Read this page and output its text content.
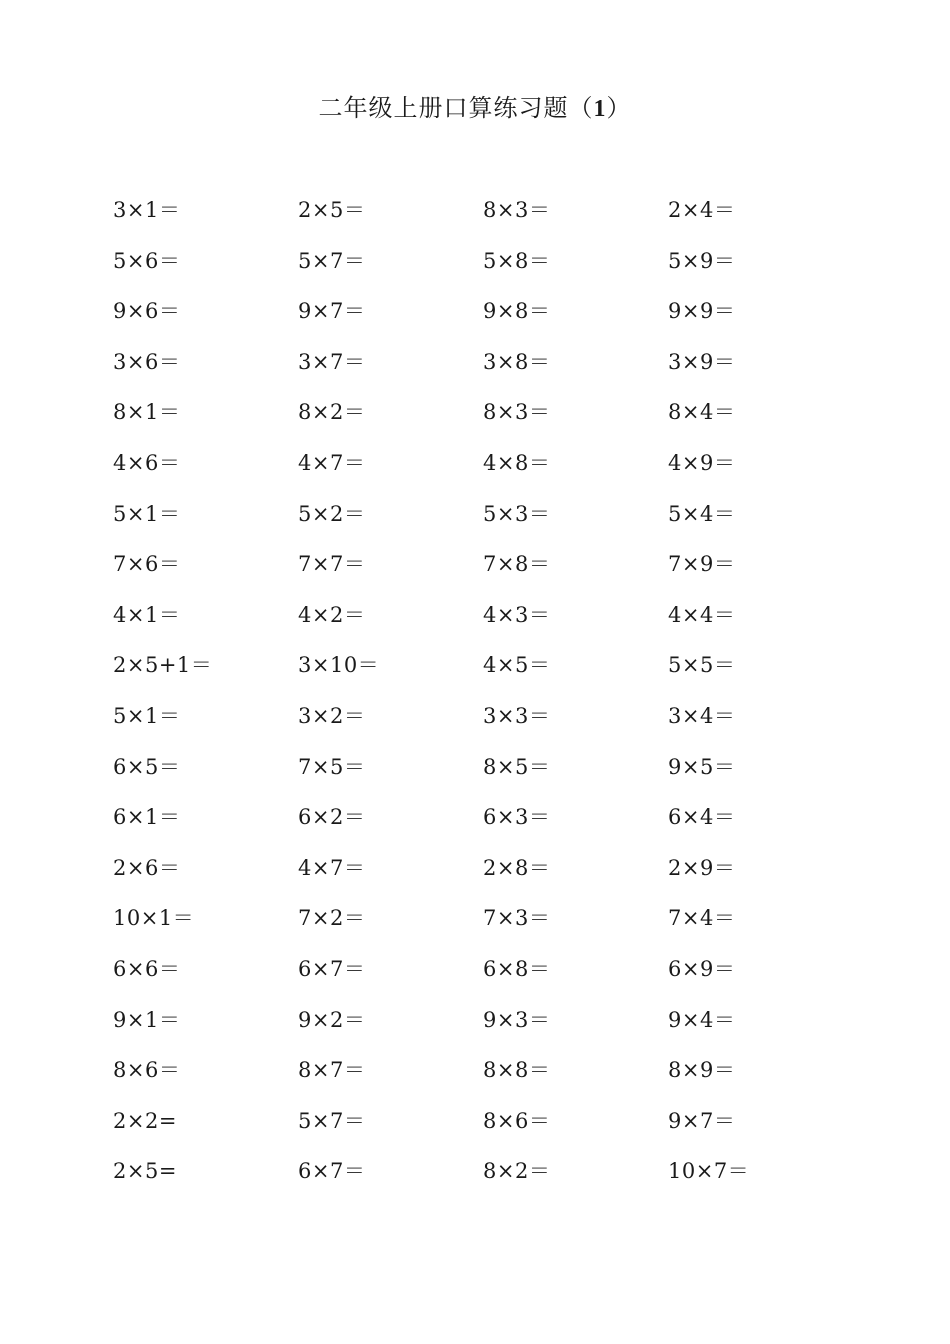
二年级上册口算练习题（1）
3×1＝	2×5＝	8×3＝	2×4＝
5×6＝	5×7＝	5×8＝	5×9＝
9×6＝	9×7＝	9×8＝	9×9＝
3×6＝	3×7＝	3×8＝	3×9＝
8×1＝	8×2＝	8×3＝	8×4＝
4×6＝	4×7＝	4×8＝	4×9＝
5×1＝	5×2＝	5×3＝	5×4＝
7×6＝	7×7＝	7×8＝	7×9＝
4×1＝	4×2＝	4×3＝	4×4＝
2×5+1＝	3×10＝	4×5＝	5×5＝
5×1＝	3×2＝	3×3＝	3×4＝
6×5＝	7×5＝	8×5＝	9×5＝
6×1＝	6×2＝	6×3＝	6×4＝
2×6＝	4×7＝	2×8＝	2×9＝
10×1＝	7×2＝	7×3＝	7×4＝
6×6＝	6×7＝	6×8＝	6×9＝
9×1＝	9×2＝	9×3＝	9×4＝
8×6＝	8×7＝	8×8＝	8×9＝
2×2=	5×7＝	8×6＝	9×7＝
2×5=	6×7＝	8×2＝	10×7＝
